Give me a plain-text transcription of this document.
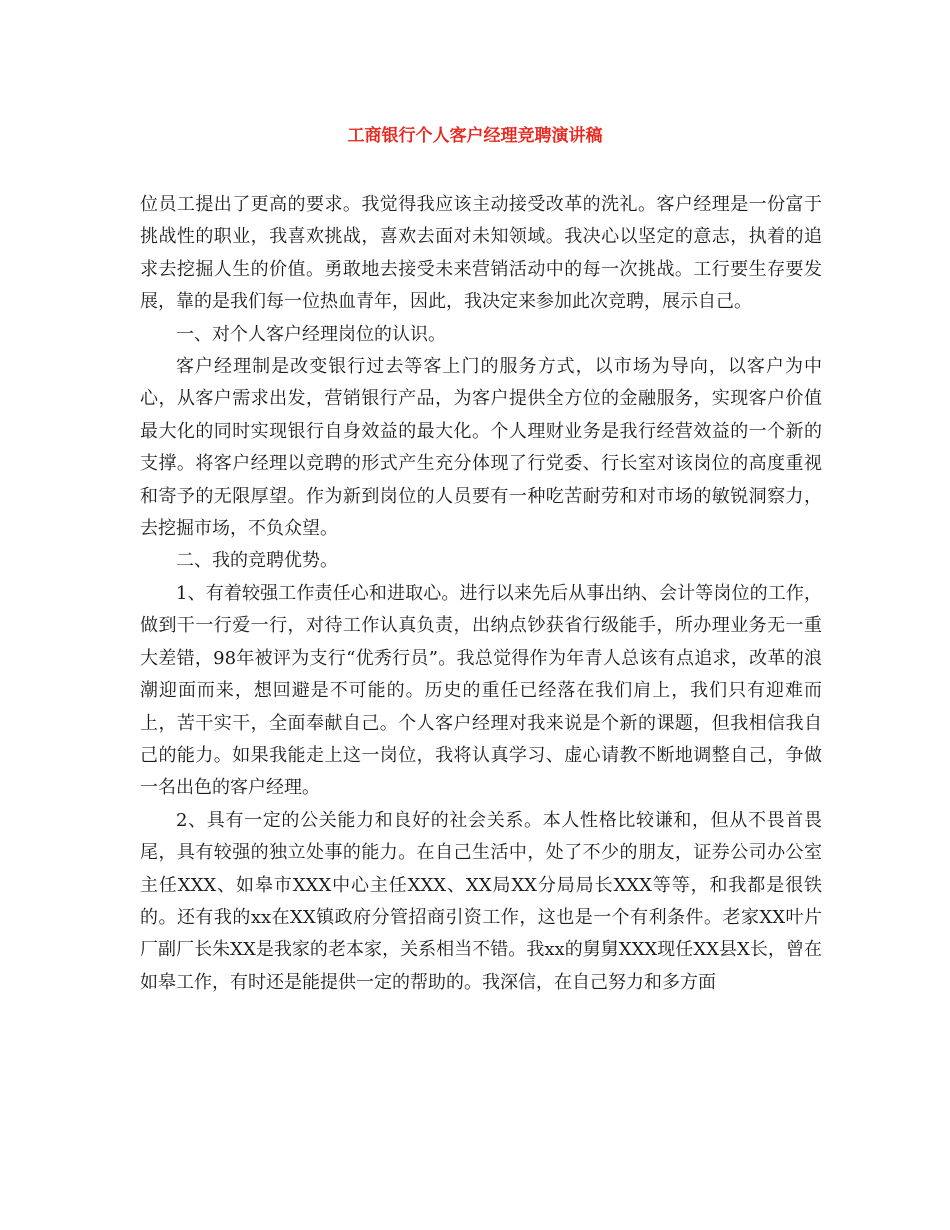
工商银行个人客户经理竞聘演讲稿

位员工提出了更高的要求。我觉得我应该主动接受改革的洗礼。客户经理是一份富于挑战性的职业，我喜欢挑战，喜欢去面对未知领域。我决心以坚定的意志，执着的追求去挖掘人生的价值。勇敢地去接受未来营销活动中的每一次挑战。工行要生存要发展，靠的是我们每一位热血青年，因此，我决定来参加此次竞聘，展示自己。

一、对个人客户经理岗位的认识。

客户经理制是改变银行过去等客上门的服务方式，以市场为导向，以客户为中心，从客户需求出发，营销银行产品，为客户提供全方位的金融服务，实现客户价值最大化的同时实现银行自身效益的最大化。个人理财业务是我行经营效益的一个新的支撑。将客户经理以竞聘的形式产生充分体现了行党委、行长室对该岗位的高度重视和寄予的无限厚望。作为新到岗位的人员要有一种吃苦耐劳和对市场的敏锐洞察力，去挖掘市场，不负众望。

二、我的竞聘优势。

1、有着较强工作责任心和进取心。进行以来先后从事出纳、会计等岗位的工作，做到干一行爱一行，对待工作认真负责，出纳点钞获省行级能手，所办理业务无一重大差错，98年被评为支行“优秀行员”。我总觉得作为年青人总该有点追求，改革的浪潮迎面而来，想回避是不可能的。历史的重任已经落在我们肩上，我们只有迎难而上，苦干实干，全面奉献自己。个人客户经理对我来说是个新的课题，但我相信我自己的能力。如果我能走上这一岗位，我将认真学习、虚心请教不断地调整自己，争做一名出色的客户经理。

2、具有一定的公关能力和良好的社会关系。本人性格比较谦和，但从不畏首畏尾，具有较强的独立处事的能力。在自己生活中，处了不少的朋友，证券公司办公室主任XXX、如皋市XXX中心主任XXX、XX局XX分局局长XXX等等，和我都是很铁的。还有我的xx在XX镇政府分管招商引资工作，这也是一个有利条件。老家XX叶片厂副厂长朱XX是我家的老本家，关系相当不错。我xx的舅舅XXX现任XX县X长，曾在如皋工作，有时还是能提供一定的帮助的。我深信，在自己努力和多方面
